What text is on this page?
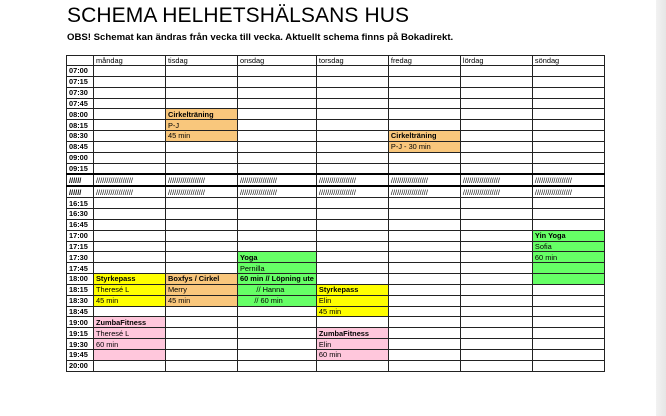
SCHEMA HELHETSHÄLSANS HUS
OBS! Schemat kan ändras från vecka till vecka. Aktuellt schema finns på Bokadirekt.
	måndag	tisdag	onsdag	torsdag	fredag	lördag	söndag
07:00							
07:15							
07:30							
07:45							
08:00		Cirkelträning					
08:15		P-J					
08:30		45 min			Cirkelträning		
08:45					P-J - 30 min		
09:00							
09:15							
//////	//////////////////	//////////////////	//////////////////	//////////////////	//////////////////	//////////////////	//////////////////
//////	//////////////////	//////////////////	//////////////////	//////////////////	//////////////////	//////////////////	//////////////////
16:15							
16:30							
16:45							
17:00							Yin Yoga
17:15							Sofia
17:30			Yoga				60 min
17:45			Pernilla				
18:00	Styrkepass	Boxfys / Cirkel	60 min // Löpning ute				
18:15	Theresé L	Merry	// Hanna	Styrkepass			
18:30	45 min	45 min	// 60 min	Elin			
18:45				45 min			
19:00	ZumbaFitness						
19:15	Theresé L			ZumbaFitness			
19:30	60 min			Elin			
19:45				60 min			
20:00							
